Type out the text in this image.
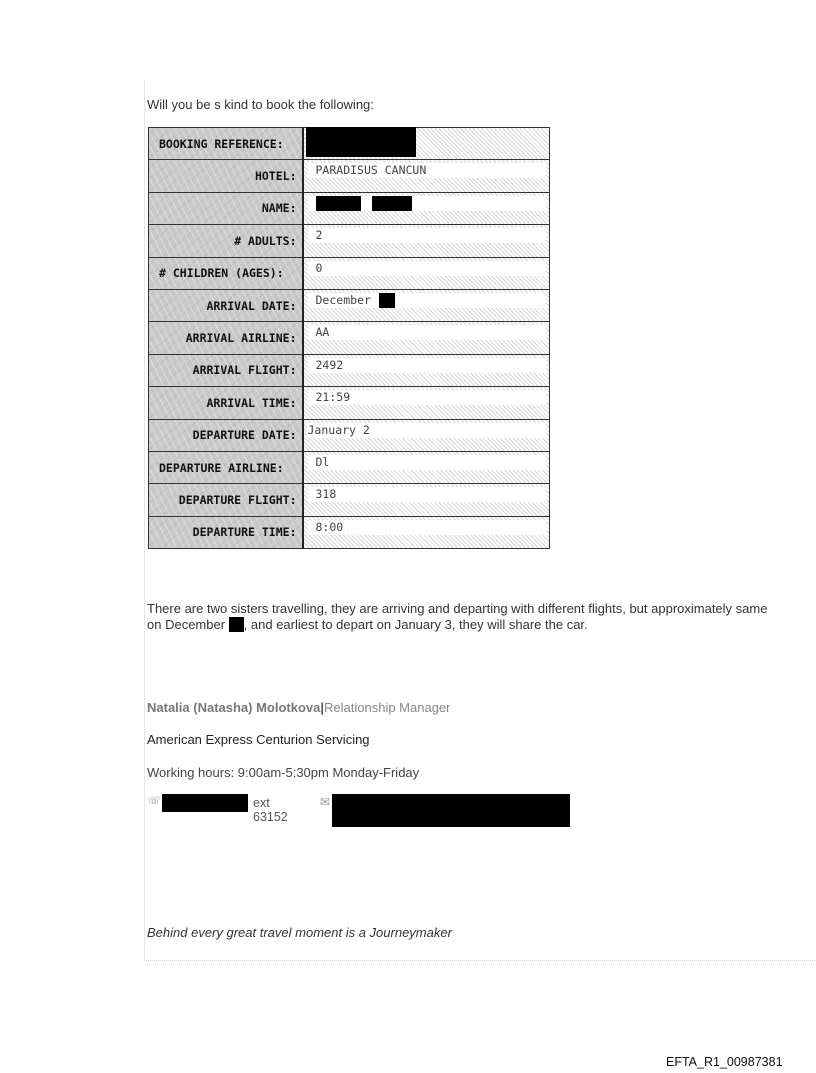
Will you be s kind to book the following:
BOOKING REFERENCE:	

HOTEL:	PARADISUS CANCUN

NAME:	

# ADULTS:	2

# CHILDREN (AGES):	0

ARRIVAL DATE:	December

ARRIVAL AIRLINE:	AA

ARRIVAL FLIGHT:	2492

ARRIVAL TIME:	21:59

DEPARTURE DATE:	January 2

DEPARTURE AIRLINE:	Dl

DEPARTURE FLIGHT:	318

DEPARTURE TIME:	8:00
There are two sisters travelling, they are arriving and departing with different flights, but approximately same
on December , and earliest to depart on January 3, they will share the car.
Natalia (Natasha) Molotkova|Relationship Manager
American Express Centurion Servicing
Working hours: 9:00am-5:30pm Monday-Friday
☏	ext 63152
✉
Behind every great travel moment is a Journeymaker
EFTA_R1_00987381
